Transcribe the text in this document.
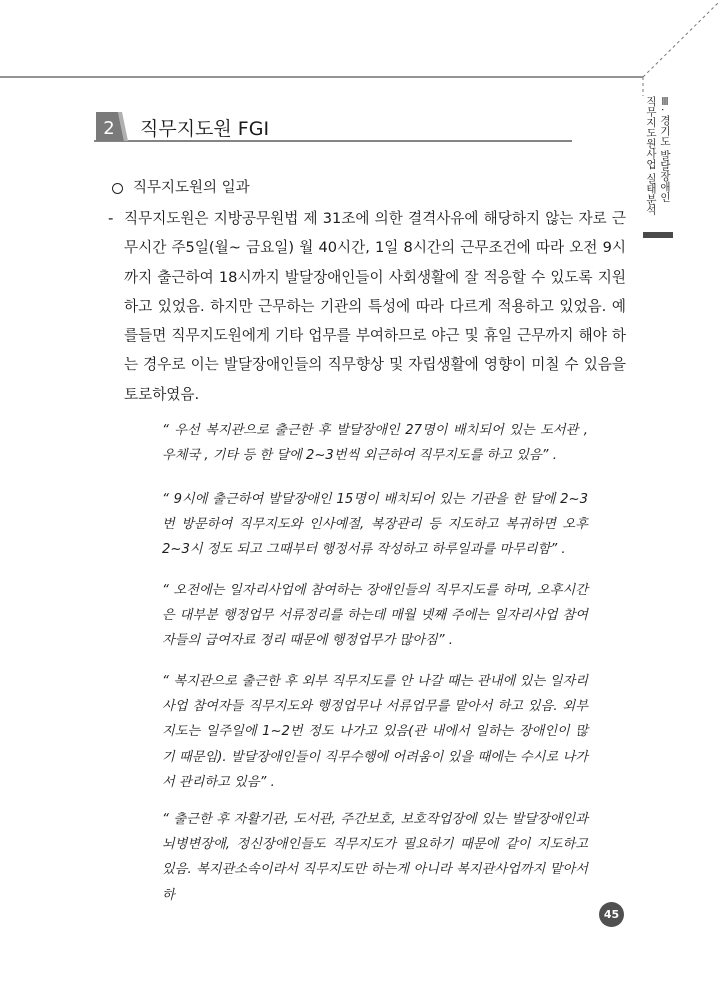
직무지도원사업 실태분석 Ⅲ. 경기도 발달장애인
2 직무지도원 FGI
직무지도원의 일과
- 직무지도원은 지방공무원법 제 31조에 의한 결격사유에 해당하지 않는 자로 근무시간 주5일(월~ 금요일) 월 40시간, 1일 8시간의 근무조건에 따라 오전 9시까지 출근하여 18시까지 발달장애인들이 사회생활에 잘 적응할 수 있도록 지원하고 있었음. 하지만 근무하는 기관의 특성에 따라 다르게 적용하고 있었음. 예를들면 직무지도원에게 기타 업무를 부여하므로 야근 및 휴일 근무까지 해야 하는 경우로 이는 발달장애인들의 직무향상 및 자립생활에 영향이 미칠 수 있음을 토로하였음.

“ 우선 복지관으로 출근한 후 발달장애인 27명이 배치되어 있는 도서관 , 우체국 , 기타 등 한 달에 2~3번씩 외근하여 직무지도를 하고 있음” .

“ 9시에 출근하여 발달장애인 15명이 배치되어 있는 기관을 한 달에 2~3번 방문하여 직무지도와 인사예절, 복장관리 등 지도하고 복귀하면 오후 2~3시 정도 되고 그때부터 행정서류 작성하고 하루일과를 마무리함” .

“ 오전에는 일자리사업에 참여하는 장애인들의 직무지도를 하며, 오후시간은 대부분 행정업무 서류정리를 하는데 매월 넷째 주에는 일자리사업 참여자들의 급여자료 정리 때문에 행정업무가 많아짐” .

“ 복지관으로 출근한 후 외부 직무지도를 안 나갈 때는 관내에 있는 일자리사업 참여자들 직무지도와 행정업무나 서류업무를 맡아서 하고 있음. 외부지도는 일주일에 1~2번 정도 나가고 있음(관 내에서 일하는 장애인이 많기 때문임). 발달장애인들이 직무수행에 어려움이 있을 때에는 수시로 나가서 관리하고 있음” .

“ 출근한 후 자활기관, 도서관, 주간보호, 보호작업장에 있는 발달장애인과 뇌병변장애, 정신장애인들도 직무지도가 필요하기 때문에 같이 지도하고 있음. 복지관소속이라서 직무지도만 하는게 아니라 복지관사업까지 맡아서 하

45
